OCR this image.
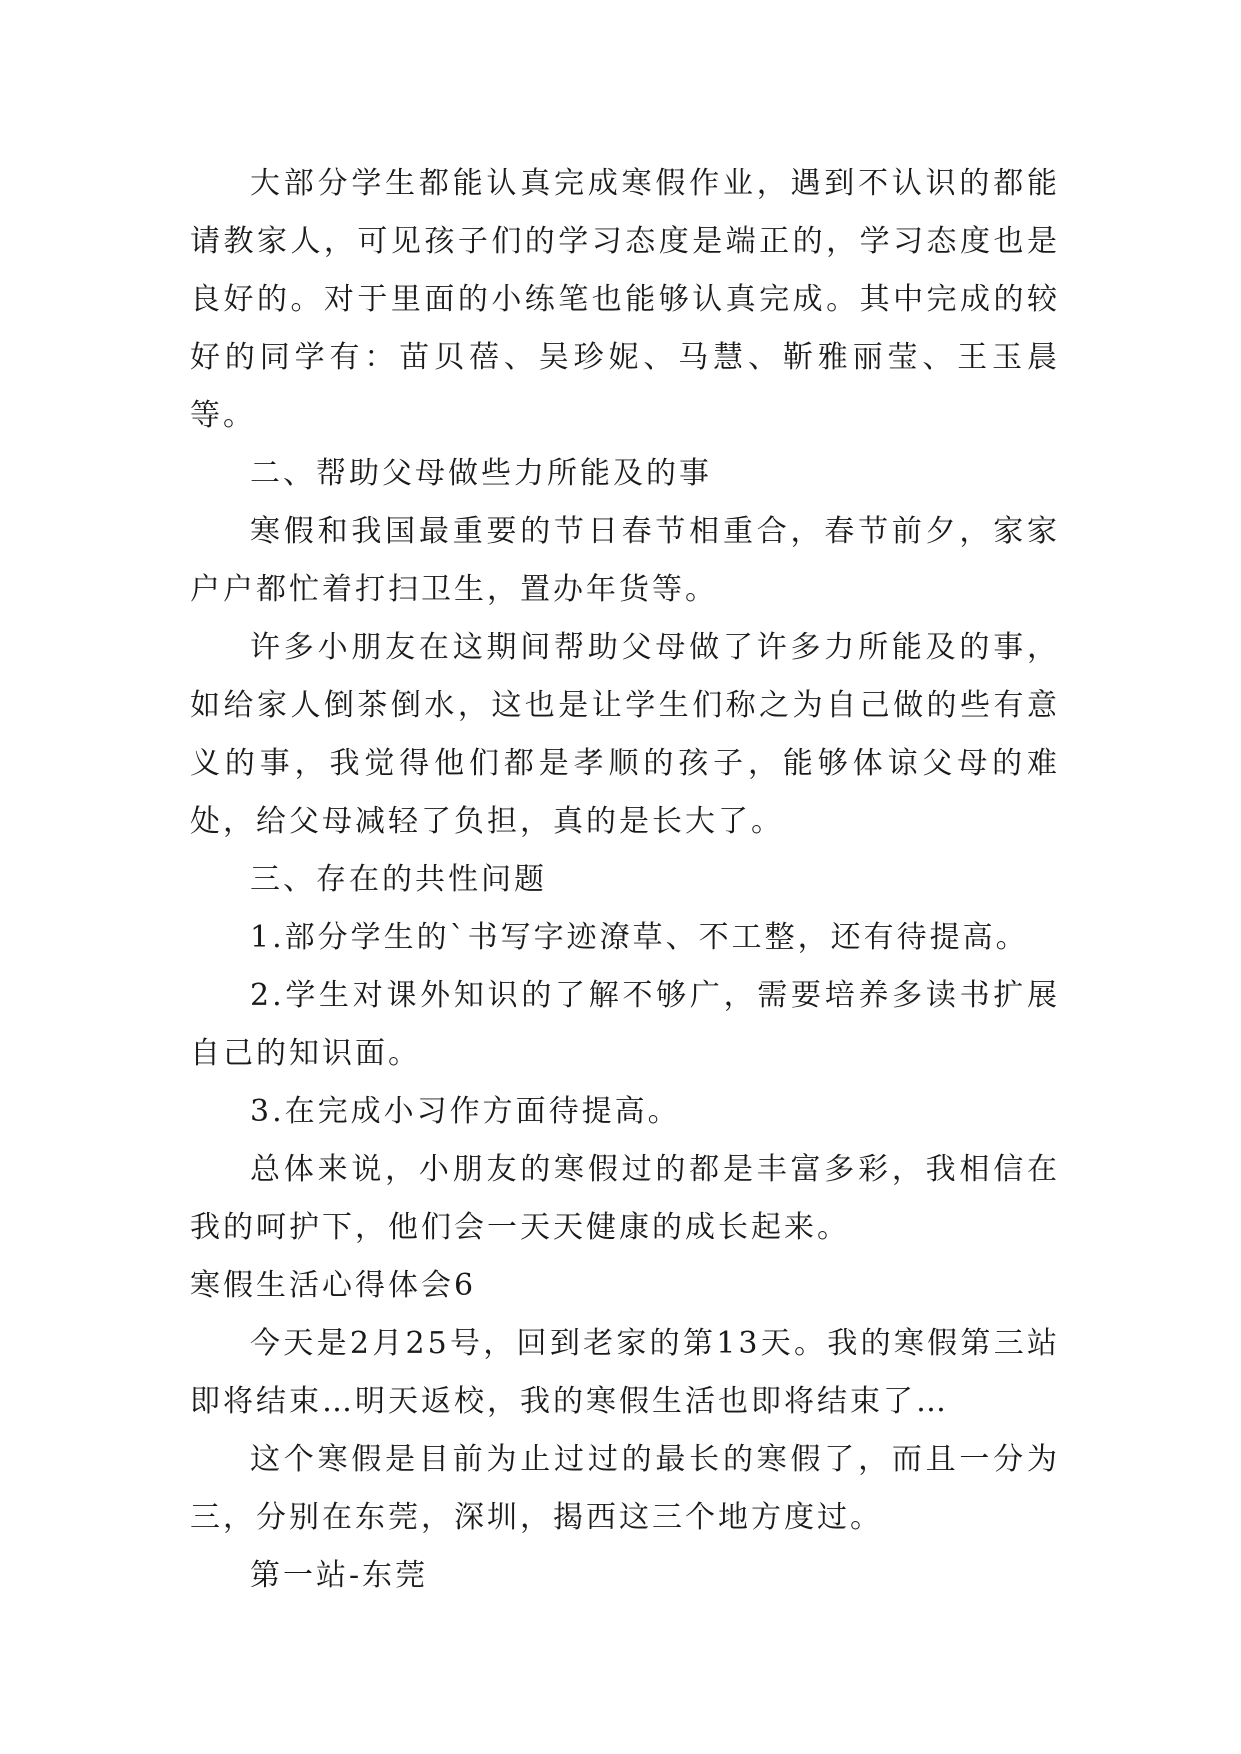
大部分学生都能认真完成寒假作业，遇到不认识的都能请教家人，可见孩子们的学习态度是端正的，学习态度也是良好的。对于里面的小练笔也能够认真完成。其中完成的较好的同学有：苗贝蓓、吴珍妮、马慧、靳雅丽莹、王玉晨等。

二、帮助父母做些力所能及的事

寒假和我国最重要的节日春节相重合，春节前夕，家家户户都忙着打扫卫生，置办年货等。

许多小朋友在这期间帮助父母做了许多力所能及的事，如给家人倒茶倒水，这也是让学生们称之为自己做的些有意义的事，我觉得他们都是孝顺的孩子，能够体谅父母的难处，给父母减轻了负担，真的是长大了。

三、存在的共性问题

1.部分学生的`书写字迹潦草、不工整，还有待提高。

2.学生对课外知识的了解不够广，需要培养多读书扩展自己的知识面。

3.在完成小习作方面待提高。

总体来说，小朋友的寒假过的都是丰富多彩，我相信在我的呵护下，他们会一天天健康的成长起来。

寒假生活心得体会6

今天是2月25号，回到老家的第13天。我的寒假第三站即将结束…明天返校，我的寒假生活也即将结束了…

这个寒假是目前为止过过的最长的寒假了，而且一分为三，分别在东莞，深圳，揭西这三个地方度过。

第一站-东莞
